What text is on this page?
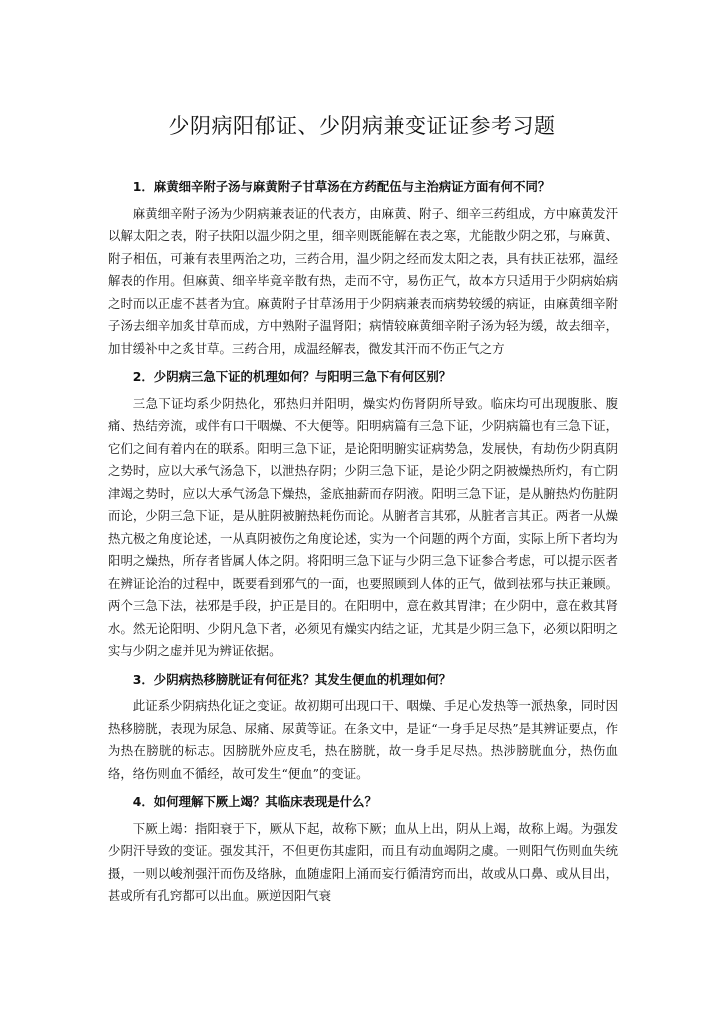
少阴病阳郁证、少阴病兼变证证参考习题

1．麻黄细辛附子汤与麻黄附子甘草汤在方药配伍与主治病证方面有何不同？

麻黄细辛附子汤为少阴病兼表证的代表方，由麻黄、附子、细辛三药组成，方中麻黄发汗以解太阳之表，附子扶阳以温少阴之里，细辛则既能解在表之寒，尤能散少阴之邪，与麻黄、附子相伍，可兼有表里两治之功，三药合用，温少阴之经而发太阳之表，具有扶正祛邪，温经解表的作用。但麻黄、细辛毕竟辛散有热，走而不守，易伤正气，故本方只适用于少阴病始病之时而以正虚不甚者为宜。麻黄附子甘草汤用于少阴病兼表而病势较缓的病证，由麻黄细辛附子汤去细辛加炙甘草而成，方中熟附子温肾阳；病情较麻黄细辛附子汤为轻为缓，故去细辛，加甘缓补中之炙甘草。三药合用，成温经解表，微发其汗而不伤正气之方

2．少阴病三急下证的机理如何？与阳明三急下有何区别？

三急下证均系少阴热化，邪热归并阳明，燥实灼伤肾阴所导致。临床均可出现腹胀、腹痛、热结旁流，或伴有口干咽燥、不大便等。阳明病篇有三急下证，少阴病篇也有三急下证，它们之间有着内在的联系。阳明三急下证，是论阳明腑实证病势急，发展快，有劫伤少阴真阴之势时，应以大承气汤急下，以泄热存阴；少阴三急下证，是论少阴之阴被燥热所灼，有亡阴津竭之势时，应以大承气汤急下燥热，釜底抽薪而存阴液。阳明三急下证，是从腑热灼伤脏阴而论，少阴三急下证，是从脏阴被腑热耗伤而论。从腑者言其邪，从脏者言其正。两者一从燥热亢极之角度论述，一从真阴被伤之角度论述，实为一个问题的两个方面，实际上所下者均为阳明之燥热，所存者皆属人体之阴。将阳明三急下证与少阴三急下证参合考虑，可以提示医者在辨证论治的过程中，既要看到邪气的一面，也要照顾到人体的正气，做到祛邪与扶正兼顾。两个三急下法，祛邪是手段，护正是目的。在阳明中，意在救其胃津；在少阴中，意在救其肾水。然无论阳明、少阴凡急下者，必须见有燥实内结之证，尤其是少阴三急下，必须以阳明之实与少阴之虚并见为辨证依据。

3．少阴病热移膀胱证有何征兆？其发生便血的机理如何？

此证系少阴病热化证之变证。故初期可出现口干、咽燥、手足心发热等一派热象，同时因热移膀胱，表现为尿急、尿痛、尿黄等证。在条文中，是证“一身手足尽热”是其辨证要点，作为热在膀胱的标志。因膀胱外应皮毛，热在膀胱，故一身手足尽热。热涉膀胱血分，热伤血络，络伤则血不循经，故可发生“便血”的变证。

4．如何理解下厥上竭？其临床表现是什么？

下厥上竭：指阳衰于下，厥从下起，故称下厥；血从上出，阴从上竭，故称上竭。为强发少阴汗导致的变证。强发其汗，不但更伤其虚阳，而且有动血竭阴之虞。一则阳气伤则血失统摄，一则以峻剂强汗而伤及络脉，血随虚阳上涌而妄行循清窍而出，故或从口鼻、或从目出，甚或所有孔窍都可以出血。厥逆因阳气衰
